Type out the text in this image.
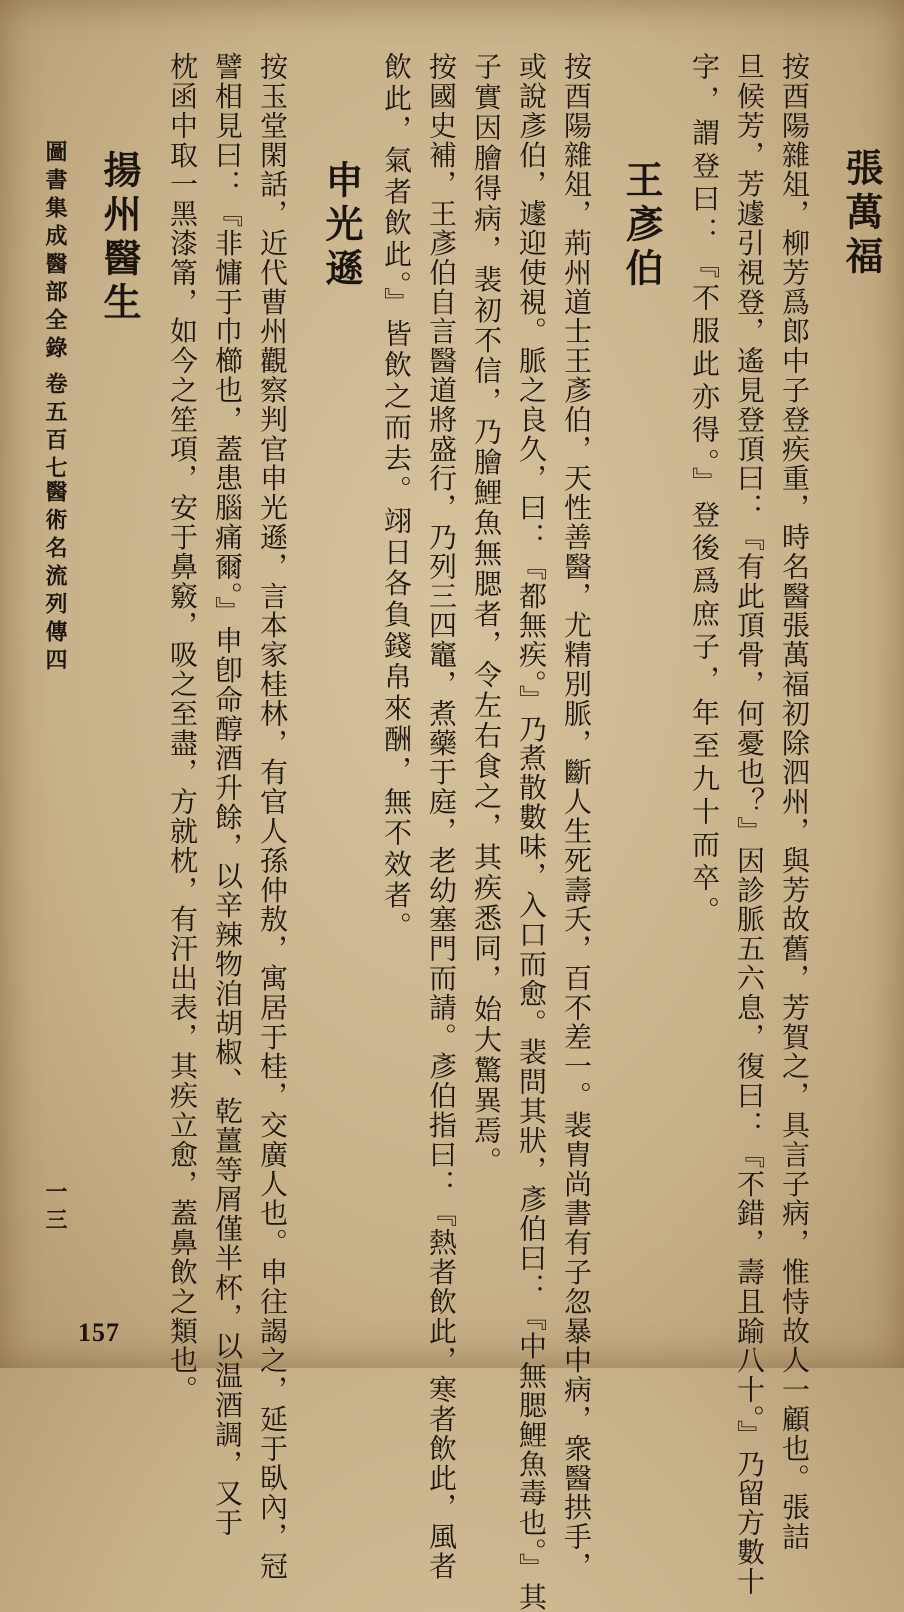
張萬福
按酉陽雜俎，柳芳爲郎中子登疾重，時名醫張萬福初除泗州，與芳故舊，芳賀之，具言子病，惟恃故人一顧也。張詰
旦候芳，芳遽引視登，遙見登頂曰：『有此頂骨，何憂也？』因診脈五六息，復曰：『不錯，壽且踰八十。』乃留方數十
字，謂登曰：『不服此亦得。』登後爲庶子，年至九十而卒。
王彥伯
按酉陽雜俎，荊州道士王彥伯，天性善醫，尤精別脈，斷人生死壽夭，百不差一。裴胄尚書有子忽暴中病，衆醫拱手，
或說彥伯，遽迎使視。脈之良久，曰：『都無疾。』乃煮散數味，入口而愈。裴問其狀，彥伯曰：『中無腮鯉魚毒也。』其
子實因膾得病，裴初不信，乃膾鯉魚無腮者，令左右食之，其疾悉同，始大驚異焉。
按國史補，王彥伯自言醫道將盛行，乃列三四竈，煮藥于庭，老幼塞門而請。彥伯指曰：『熱者飲此，寒者飲此，風者
飲此，氣者飲此。』皆飲之而去。翊日各負錢帛來酬，無不效者。
申光遜
按玉堂閑話，近代曹州觀察判官申光遜，言本家桂林，有官人孫仲敖，寓居于桂，交廣人也。申往謁之，延于臥內，冠
譬相見曰：『非慵于巾櫛也，蓋患腦痛爾。』申卽命醇酒升餘，以辛辣物洎胡椒、乾薑等屑僅半杯，以温酒調，又于
枕函中取一黑漆筩，如今之笙項，安于鼻竅，吸之至盡，方就枕，有汗出表，其疾立愈，蓋鼻飲之類也。
揚州醫生
圖書集成醫部全錄
卷五百七
醫術名流列傳四
一三
157
